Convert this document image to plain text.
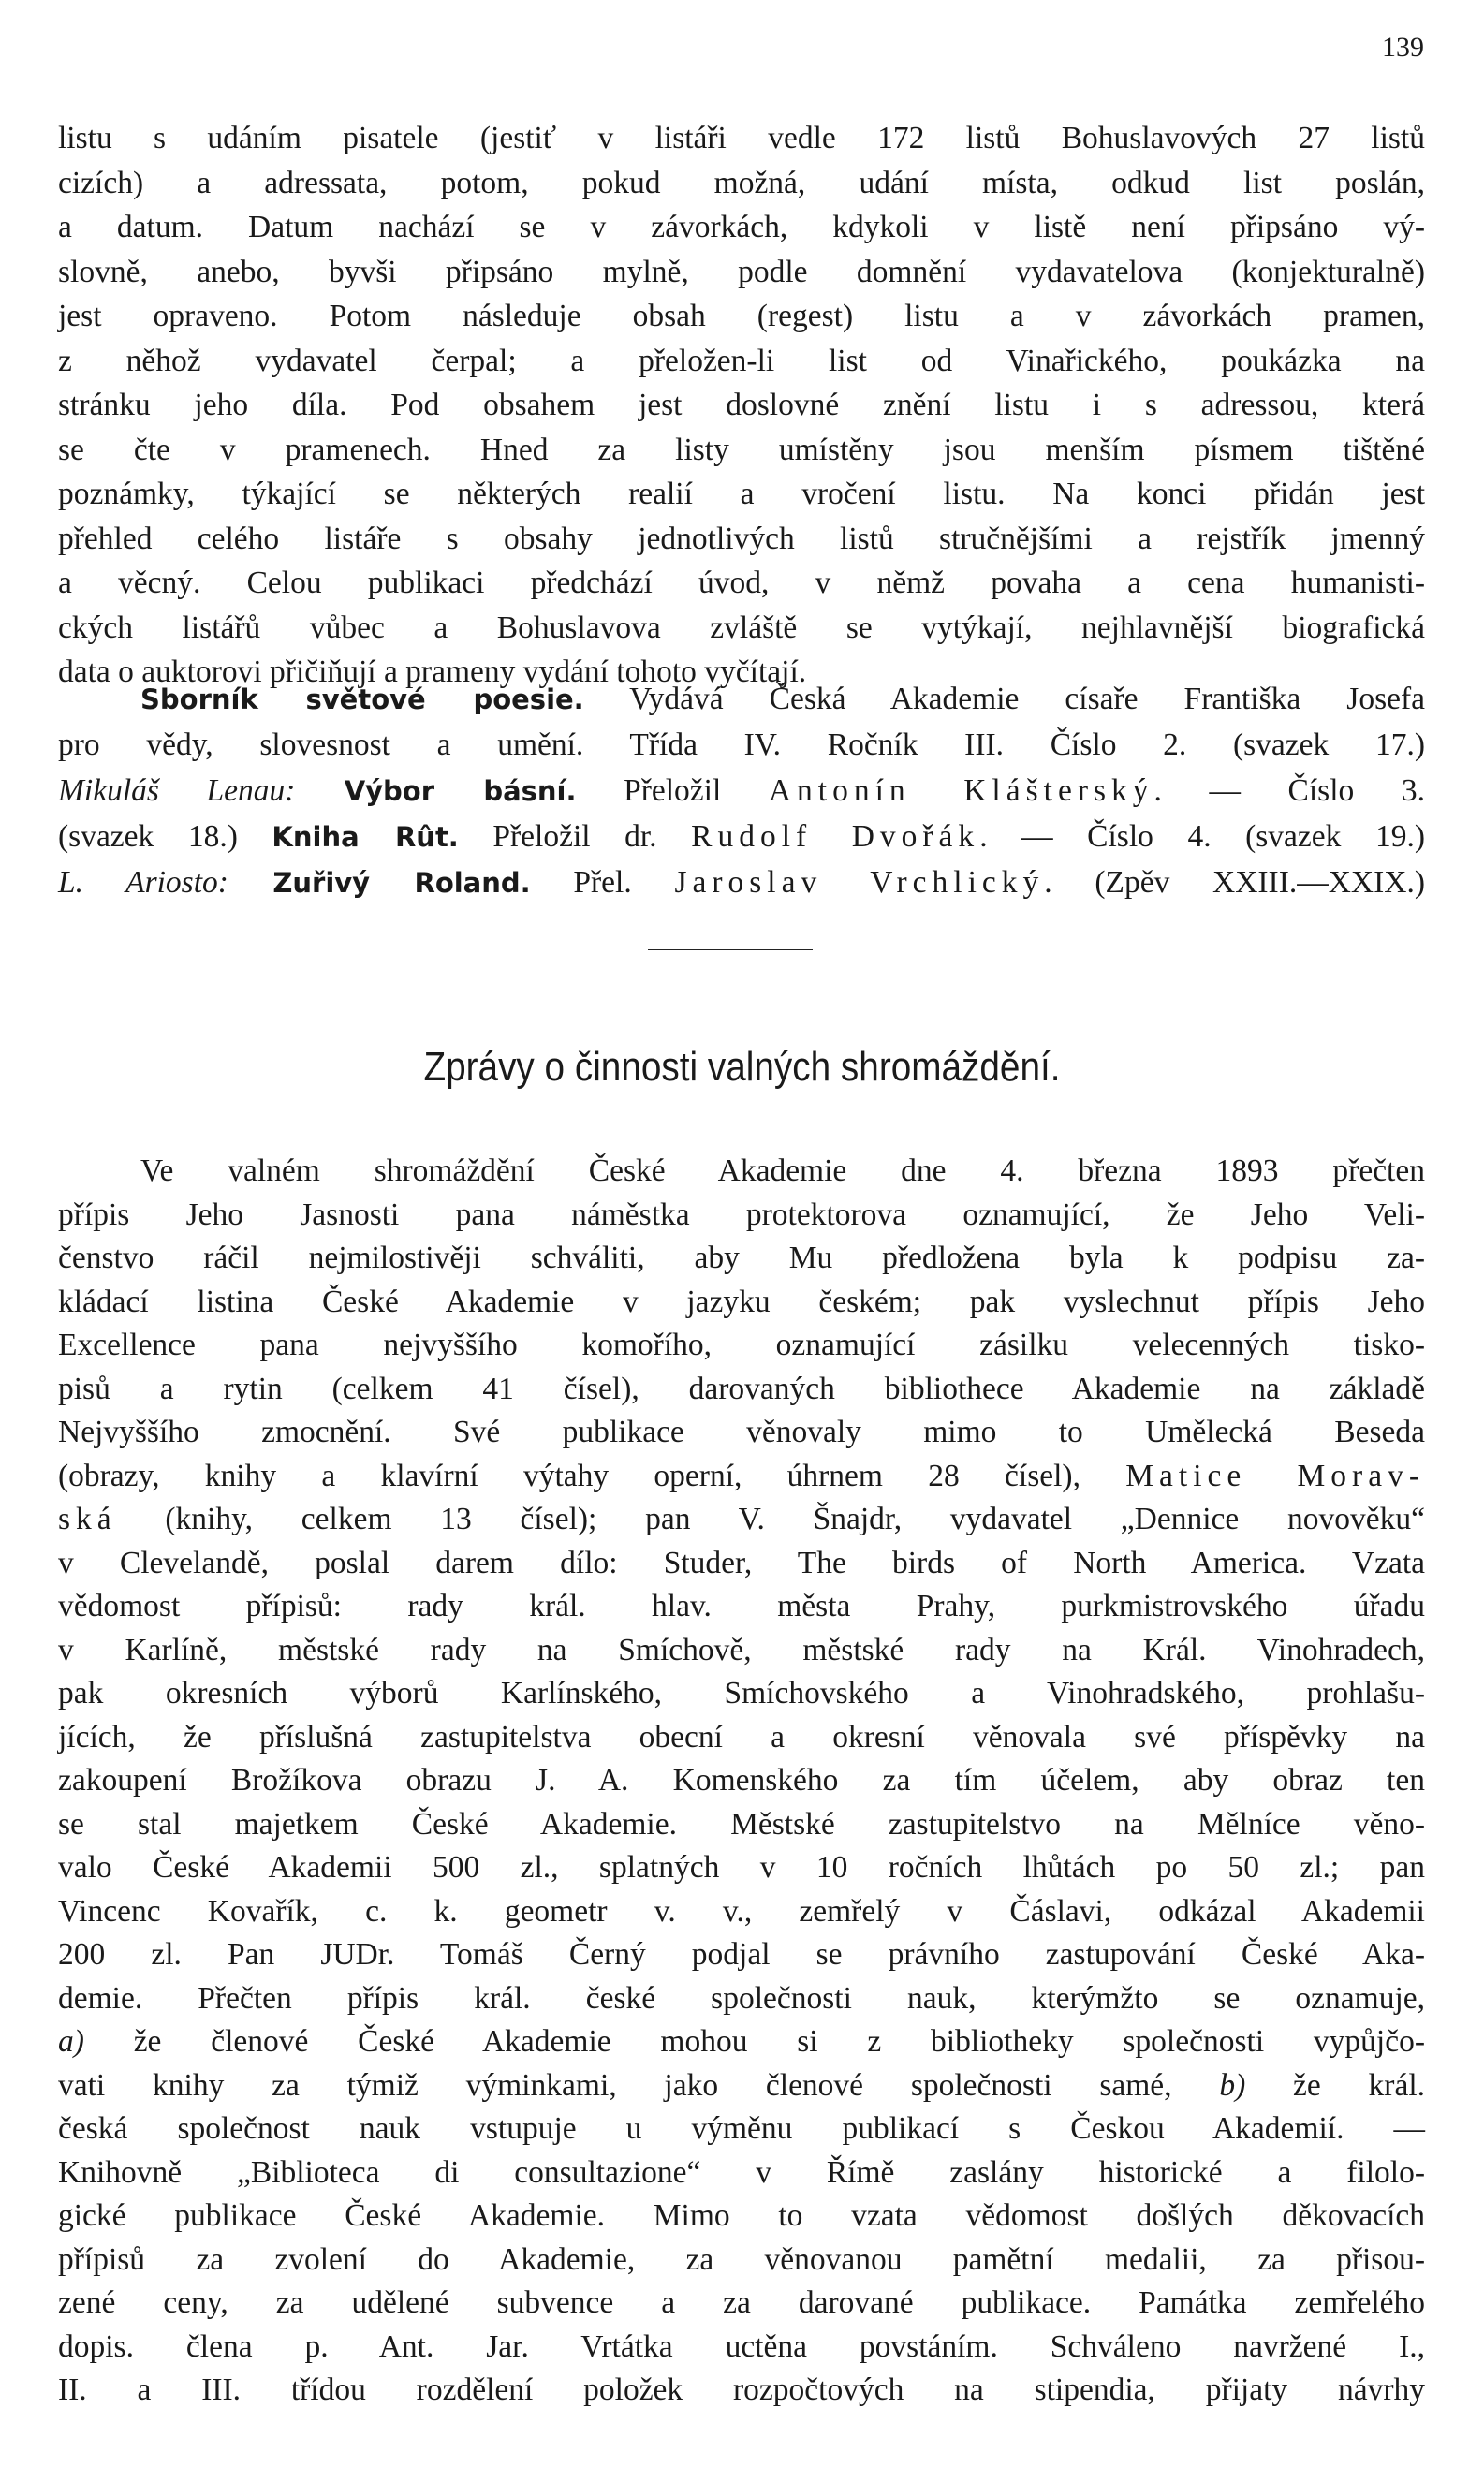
139
listu s udáním pisatele (jestiť v listáři vedle 172 listů Bohuslavových 27 listů
cizích) a adressata, potom, pokud možná, udání místa, odkud list poslán,
a datum. Datum nachází se v závorkách, kdykoli v listě není připsáno vý-
slovně, anebo, byvši připsáno mylně, podle domnění vydavatelova (konjekturalně)
jest opraveno. Potom následuje obsah (regest) listu a v závorkách pramen,
z něhož vydavatel čerpal; a přeložen-li list od Vinařického, poukázka na
stránku jeho díla. Pod obsahem jest doslovné znění listu i s adressou, která
se čte v pramenech. Hned za listy umístěny jsou menším písmem tištěné
poznámky, týkající se některých realií a vročení listu. Na konci přidán jest
přehled celého listáře s obsahy jednotlivých listů stručnějšími a rejstřík jmenný
a věcný. Celou publikaci předchází úvod, v němž povaha a cena humanisti-
ckých listářů vůbec a Bohuslavova zvláště se vytýkají, nejhlavnější biografická
data o auktorovi přičiňují a prameny vydání tohoto vyčítají.
Sborník světové poesie. Vydává Česká Akademie císaře Františka Josefa
pro vědy, slovesnost a umění. Třída IV. Ročník III. Číslo 2. (svazek 17.)
Mikuláš Lenau: Výbor básní. Přeložil Antonín Klášterský. — Číslo 3.
(svazek 18.) Kniha Rût. Přeložil dr. Rudolf Dvořák. — Číslo 4. (svazek 19.)
L. Ariosto: Zuřivý Roland. Přel. Jaroslav Vrchlický. (Zpěv XXIII.—XXIX.)
Zprávy o činnosti valných shromáždění.
Ve valném shromáždění České Akademie dne 4. března 1893 přečten
přípis Jeho Jasnosti pana náměstka protektorova oznamující, že Jeho Veli-
čenstvo ráčil nejmilostivěji schváliti, aby Mu předložena byla k podpisu za-
kládací listina České Akademie v jazyku českém; pak vyslechnut přípis Jeho
Excellence pana nejvyššího komořího, oznamující zásilku velecenných tisko-
pisů a rytin (celkem 41 čísel), darovaných bibliothece Akademie na základě
Nejvyššího zmocnění. Své publikace věnovaly mimo to Umělecká Beseda
(obrazy, knihy a klavírní výtahy operní, úhrnem 28 čísel), Matice Morav-
ská (knihy, celkem 13 čísel); pan V. Šnajdr, vydavatel „Dennice novověku“
v Clevelandě, poslal darem dílo: Studer, The birds of North America. Vzata
vědomost přípisů: rady král. hlav. města Prahy, purkmistrovského úřadu
v Karlíně, městské rady na Smíchově, městské rady na Král. Vinohradech,
pak okresních výborů Karlínského, Smíchovského a Vinohradského, prohlašu-
jících, že příslušná zastupitelstva obecní a okresní věnovala své příspěvky na
zakoupení Brožíkova obrazu J. A. Komenského za tím účelem, aby obraz ten
se stal majetkem České Akademie. Městské zastupitelstvo na Mělníce věno-
valo České Akademii 500 zl., splatných v 10 ročních lhůtách po 50 zl.; pan
Vincenc Kovařík, c. k. geometr v. v., zemřelý v Čáslavi, odkázal Akademii
200 zl. Pan JUDr. Tomáš Černý podjal se právního zastupování České Aka-
demie. Přečten přípis král. české společnosti nauk, kterýmžto se oznamuje,
a) že členové České Akademie mohou si z bibliotheky společnosti vypůjčo-
vati knihy za týmiž výminkami, jako členové společnosti samé, b) že král.
česká společnost nauk vstupuje u výměnu publikací s Českou Akademií. —
Knihovně „Biblioteca di consultazione“ v Římě zaslány historické a filolo-
gické publikace České Akademie. Mimo to vzata vědomost došlých děkovacích
přípisů za zvolení do Akademie, za věnovanou pamětní medalii, za přisou-
zené ceny, za udělené subvence a za darované publikace. Památka zemřelého
dopis. člena p. Ant. Jar. Vrtátka uctěna povstáním. Schváleno navržené I.,
II. a III. třídou rozdělení položek rozpočtových na stipendia, přijaty návrhy
